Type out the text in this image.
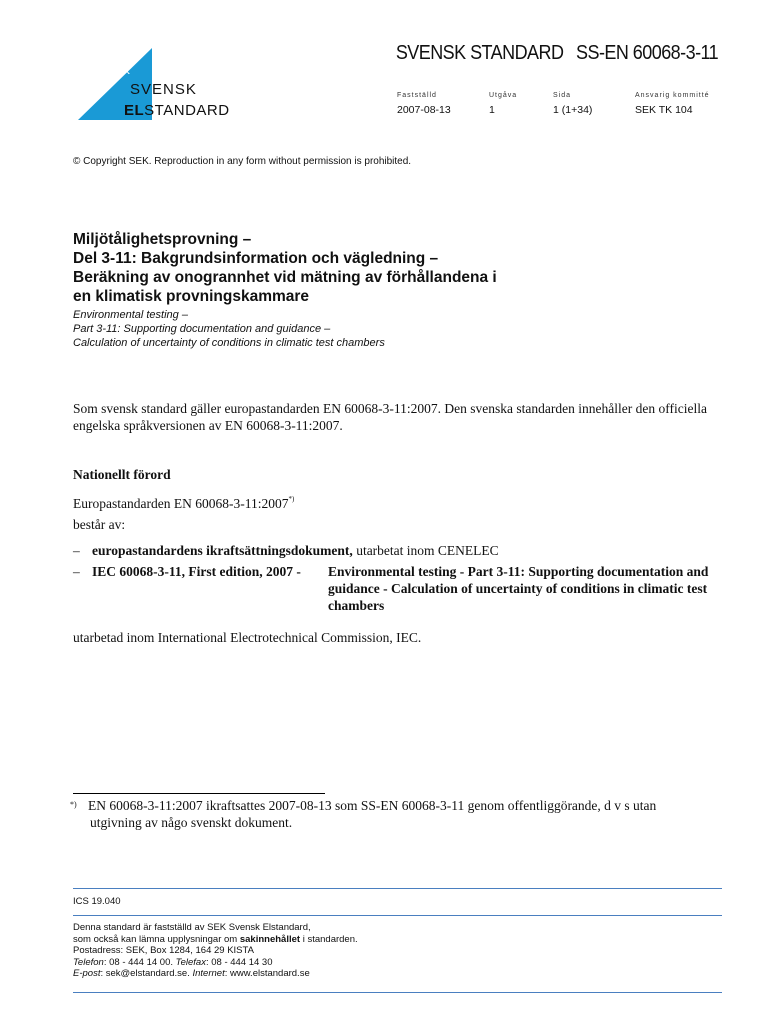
SEK
SVENSK
ELSTANDARD
SVENSK STANDARD SS-EN 60068-3-11
Fastställd
2007-08-13
Utgåva
1
Sida
1 (1+34)
Ansvarig kommitté
SEK TK 104
© Copyright SEK. Reproduction in any form without permission is prohibited.
Miljötålighetsprovning –
Del 3-11: Bakgrundsinformation och vägledning –
Beräkning av onogrannhet vid mätning av förhållandena i
en klimatisk provningskammare
Environmental testing –
Part 3-11: Supporting documentation and guidance –
Calculation of uncertainty of conditions in climatic test chambers
Som svensk standard gäller europastandarden EN 60068-3-11:2007. Den svenska standarden innehåller den officiella engelska språkversionen av EN 60068-3-11:2007.
Nationellt förord
Europastandarden EN 60068-3-11:2007*)
består av:
– europastandardens ikraftsättningsdokument, utarbetat inom CENELEC
– IEC 60068-3-11, First edition, 2007 - Environmental testing - Part 3-11: Supporting documentation and guidance - Calculation of uncertainty of conditions in climatic test chambers
utarbetad inom International Electrotechnical Commission, IEC.
*) EN 60068-3-11:2007 ikraftsattes 2007-08-13 som SS-EN 60068-3-11 genom offentliggörande, d v s utan
utgivning av någo svenskt dokument.
ICS 19.040
Denna standard är fastställd av SEK Svensk Elstandard,
som också kan lämna upplysningar om sakinnehållet i standarden.
Postadress: SEK, Box 1284, 164 29 KISTA
Telefon: 08 - 444 14 00. Telefax: 08 - 444 14 30
E-post: sek@elstandard.se. Internet: www.elstandard.se
